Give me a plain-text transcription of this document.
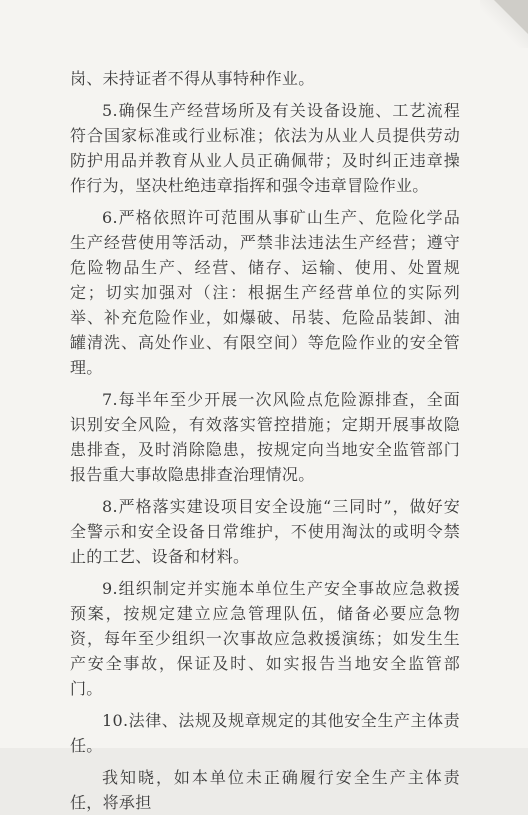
岗、未持证者不得从事特种作业。

5.确保生产经营场所及有关设备设施、工艺流程符合国家标准或行业标准；依法为从业人员提供劳动防护用品并教育从业人员正确佩带；及时纠正违章操作行为，坚决杜绝违章指挥和强令违章冒险作业。

6.严格依照许可范围从事矿山生产、危险化学品生产经营使用等活动，严禁非法违法生产经营；遵守危险物品生产、经营、储存、运输、使用、处置规定；切实加强对（注：根据生产经营单位的实际列举、补充危险作业，如爆破、吊装、危险品装卸、油罐清洗、高处作业、有限空间）等危险作业的安全管理。

7.每半年至少开展一次风险点危险源排查，全面识别安全风险，有效落实管控措施；定期开展事故隐患排查，及时消除隐患，按规定向当地安全监管部门报告重大事故隐患排查治理情况。

8.严格落实建设项目安全设施“三同时”，做好安全警示和安全设备日常维护，不使用淘汰的或明令禁止的工艺、设备和材料。

9.组织制定并实施本单位生产安全事故应急救援预案，按规定建立应急管理队伍，储备必要应急物资，每年至少组织一次事故应急救援演练；如发生生产安全事故，保证及时、如实报告当地安全监管部门。

10.法律、法规及规章规定的其他安全生产主体责任。

我知晓，如本单位未正确履行安全生产主体责任，将承担
